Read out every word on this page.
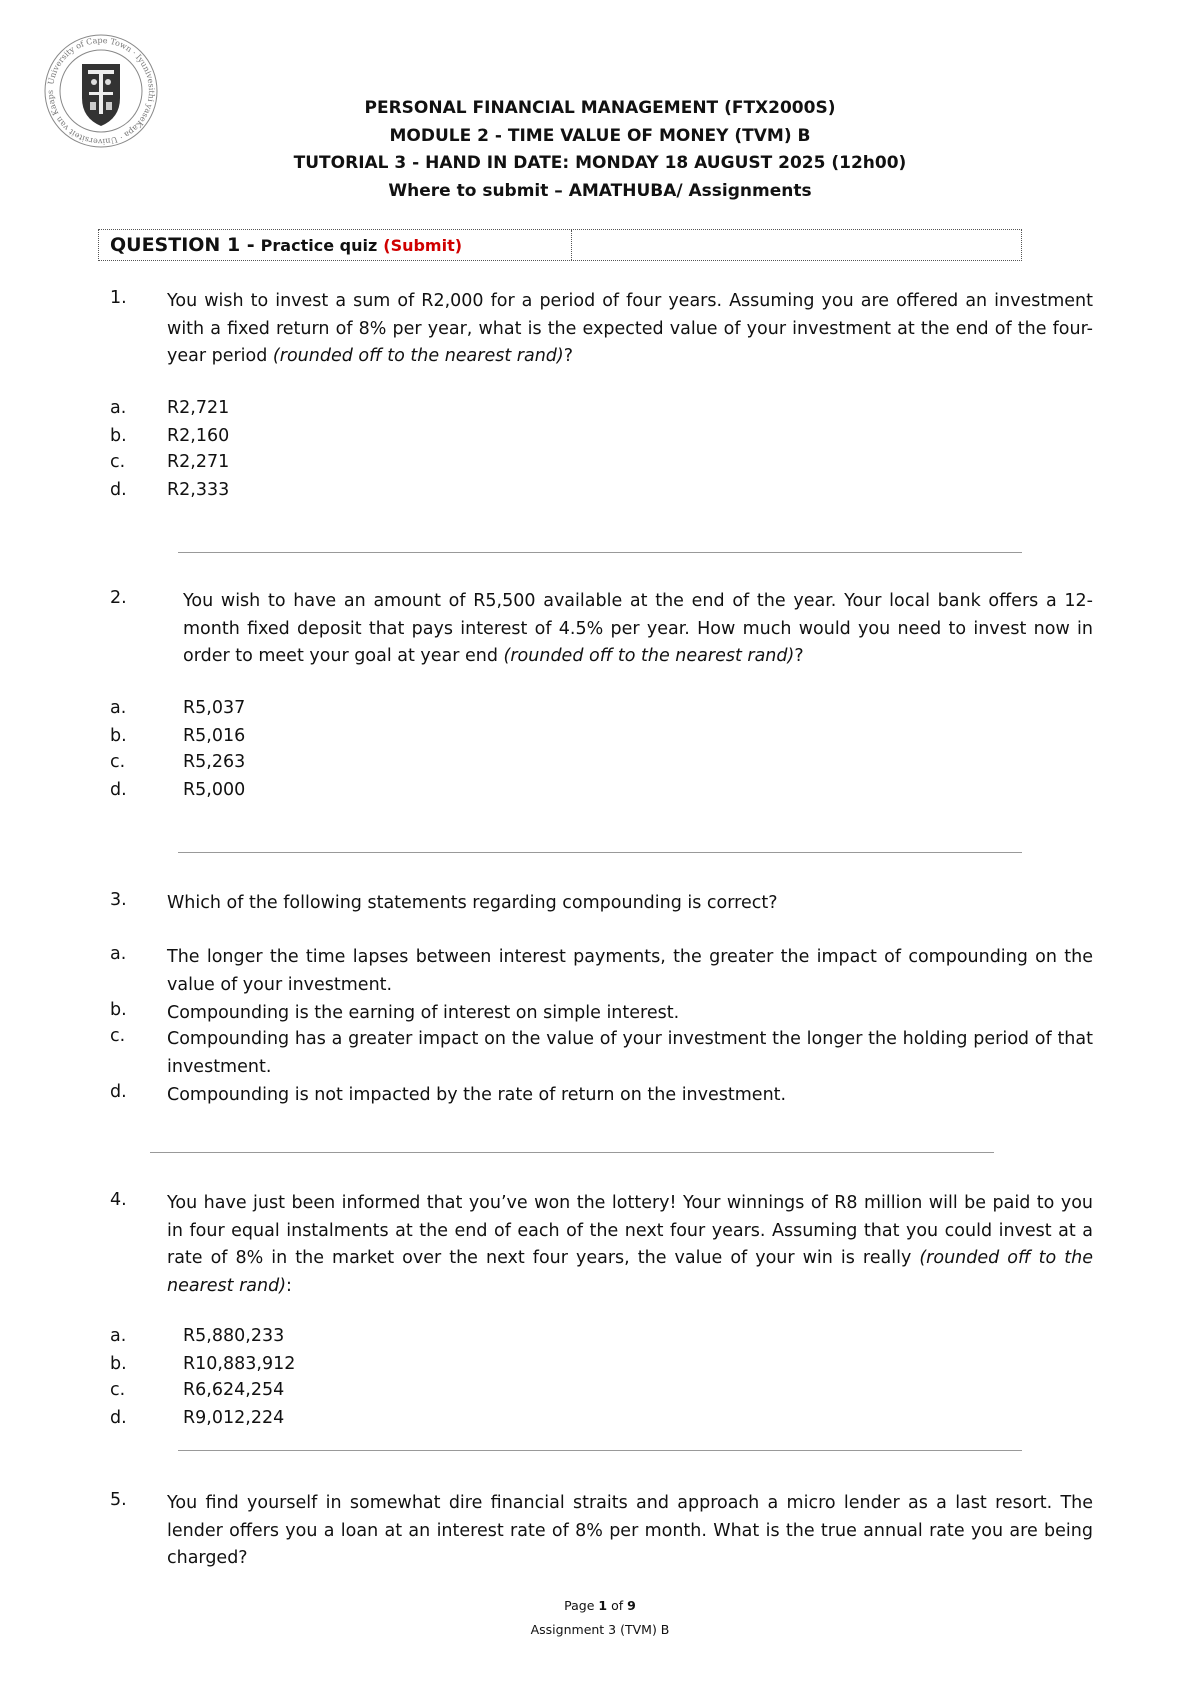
University of Cape Town · Iyunivesithi yaseKapa · Universiteit van Kaaps
PERSONAL FINANCIAL MANAGEMENT (FTX2000S)
MODULE 2 - TIME VALUE OF MONEY (TVM) B
TUTORIAL 3 - HAND IN DATE: MONDAY 18 AUGUST 2025 (12h00)
Where to submit – AMATHUBA/ Assignments
QUESTION 1 - Practice quiz (Submit)
1. You wish to invest a sum of R2,000 for a period of four years. Assuming you are offered an investment with a fixed return of 8% per year, what is the expected value of your investment at the end of the four-year period (rounded off to the nearest rand)?
a. R2,721
b. R2,160
c. R2,271
d. R2,333
2.	You wish to have an amount of R5,500 available at the end of the year. Your local bank offers a 12-month fixed deposit that pays interest of 4.5% per year. How much would you need to invest now in order to meet your goal at year end (rounded off to the nearest rand)?
a.	R5,037
b.	R5,016
c.	R5,263
d.	R5,000
3. Which of the following statements regarding compounding is correct?
a. The longer the time lapses between interest payments, the greater the impact of compounding on the value of your investment.
b. Compounding is the earning of interest on simple interest.
c. Compounding has a greater impact on the value of your investment the longer the holding period of that investment.
d. Compounding is not impacted by the rate of return on the investment.
4. You have just been informed that you’ve won the lottery! Your winnings of R8 million will be paid to you in four equal instalments at the end of each of the next four years. Assuming that you could invest at a rate of 8% in the market over the next four years, the value of your win is really (rounded off to the nearest rand):
a.	R5,880,233
b.	R10,883,912
c.	R6,624,254
d.	R9,012,224
5. You find yourself in somewhat dire financial straits and approach a micro lender as a last resort. The lender offers you a loan at an interest rate of 8% per month. What is the true annual rate you are being charged?
Page 1 of 9
Assignment 3 (TVM) B
